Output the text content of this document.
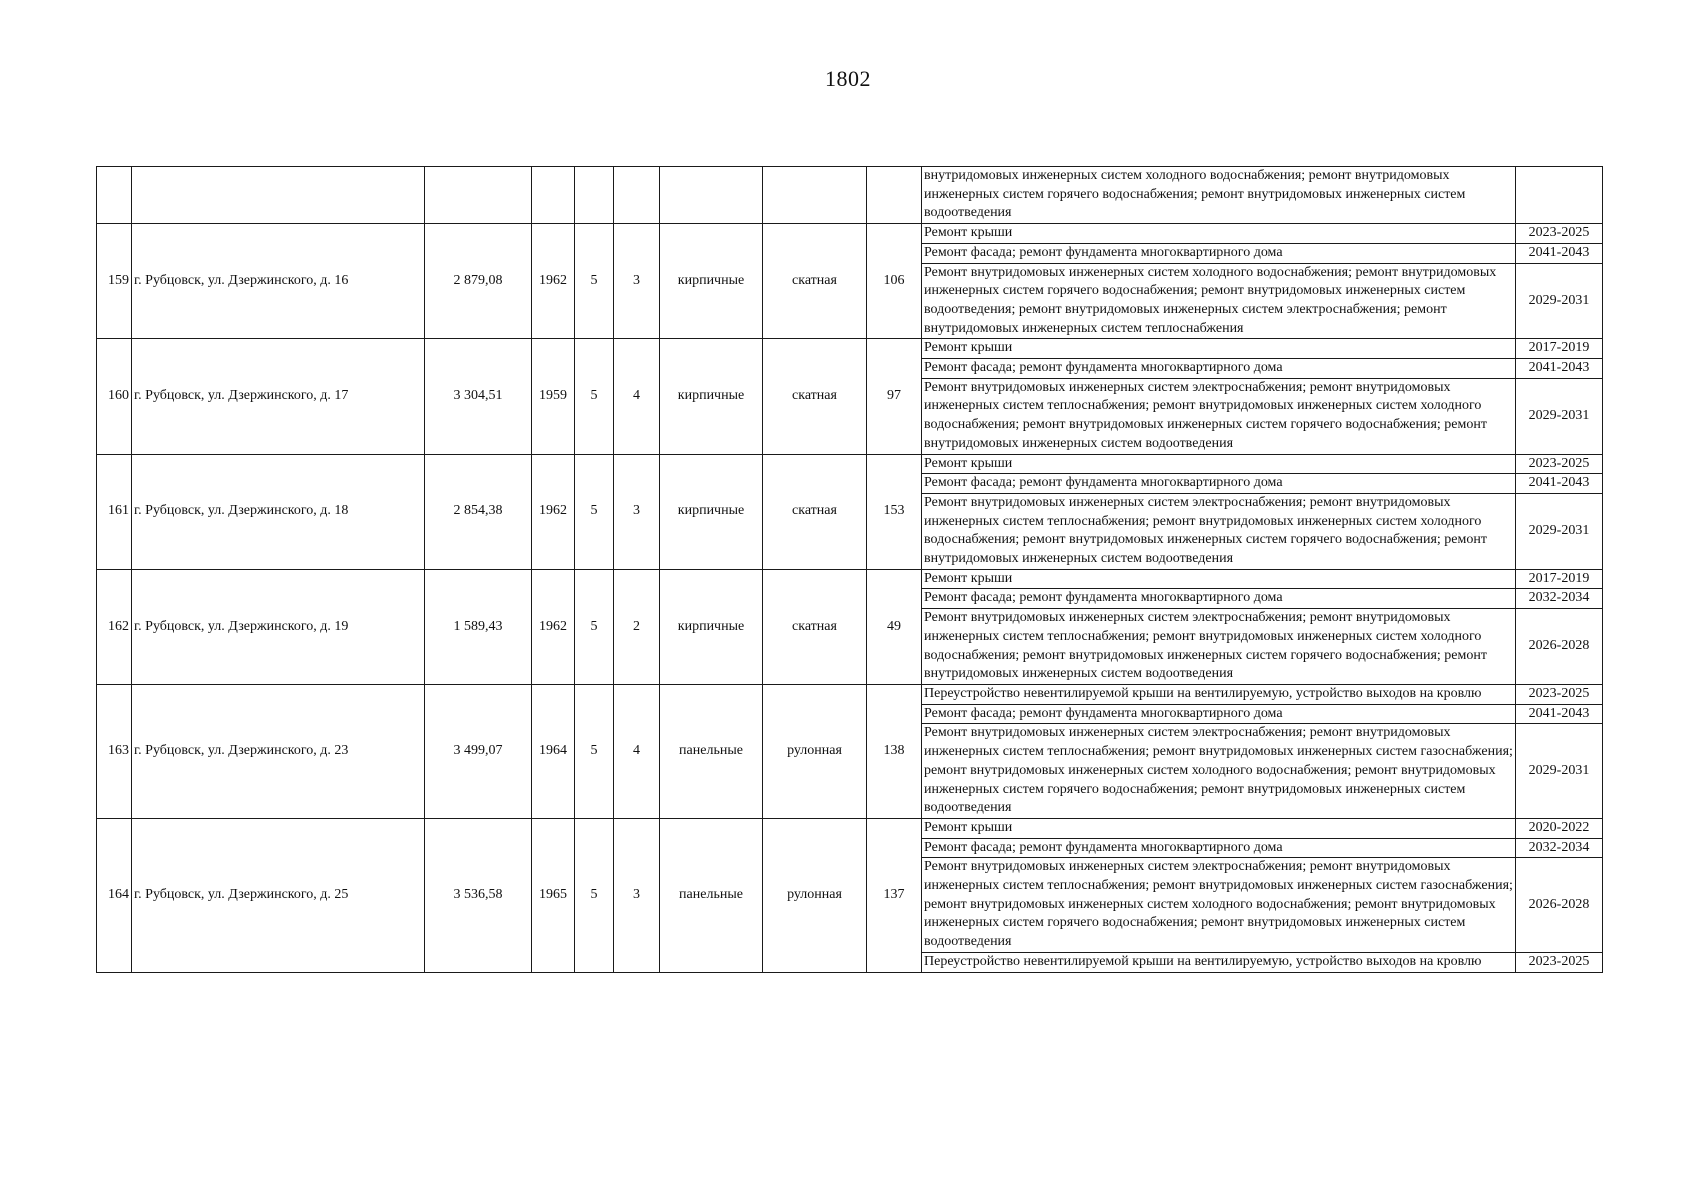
1802
									внутридомовых инженерных систем холодного водоснабжения; ремонт внутридомовых инженерных систем горячего водоснабжения; ремонт внутридомовых инженерных систем водоотведения	
159	г. Рубцовск, ул. Дзержинского, д. 16	2 879,08	1962	5	3	кирпичные	скатная	106	Ремонт крыши	2023-2025
									Ремонт фасада; ремонт фундамента многоквартирного дома	2041-2043
									Ремонт внутридомовых инженерных систем холодного водоснабжения; ремонт внутридомовых инженерных систем горячего водоснабжения; ремонт внутридомовых инженерных систем водоотведения; ремонт внутридомовых инженерных систем электроснабжения; ремонт внутридомовых инженерных систем теплоснабжения	2029-2031
160	г. Рубцовск, ул. Дзержинского, д. 17	3 304,51	1959	5	4	кирпичные	скатная	97	Ремонт крыши	2017-2019
									Ремонт фасада; ремонт фундамента многоквартирного дома	2041-2043
									Ремонт внутридомовых инженерных систем электроснабжения; ремонт внутридомовых инженерных систем теплоснабжения; ремонт внутридомовых инженерных систем холодного водоснабжения; ремонт внутридомовых инженерных систем горячего водоснабжения; ремонт внутридомовых инженерных систем водоотведения	2029-2031
161	г. Рубцовск, ул. Дзержинского, д. 18	2 854,38	1962	5	3	кирпичные	скатная	153	Ремонт крыши	2023-2025
									Ремонт фасада; ремонт фундамента многоквартирного дома	2041-2043
									Ремонт внутридомовых инженерных систем электроснабжения; ремонт внутридомовых инженерных систем теплоснабжения; ремонт внутридомовых инженерных систем холодного водоснабжения; ремонт внутридомовых инженерных систем горячего водоснабжения; ремонт внутридомовых инженерных систем водоотведения	2029-2031
162	г. Рубцовск, ул. Дзержинского, д. 19	1 589,43	1962	5	2	кирпичные	скатная	49	Ремонт крыши	2017-2019
									Ремонт фасада; ремонт фундамента многоквартирного дома	2032-2034
									Ремонт внутридомовых инженерных систем электроснабжения; ремонт внутридомовых инженерных систем теплоснабжения; ремонт внутридомовых инженерных систем холодного водоснабжения; ремонт внутридомовых инженерных систем горячего водоснабжения; ремонт внутридомовых инженерных систем водоотведения	2026-2028
163	г. Рубцовск, ул. Дзержинского, д. 23	3 499,07	1964	5	4	панельные	рулонная	138	Переустройство невентилируемой крыши на вентилируемую, устройство выходов на кровлю	2023-2025
									Ремонт фасада; ремонт фундамента многоквартирного дома	2041-2043
									Ремонт внутридомовых инженерных систем электроснабжения; ремонт внутридомовых инженерных систем теплоснабжения; ремонт внутридомовых инженерных систем газоснабжения; ремонт внутридомовых инженерных систем холодного водоснабжения; ремонт внутридомовых инженерных систем горячего водоснабжения; ремонт внутридомовых инженерных систем водоотведения	2029-2031
164	г. Рубцовск, ул. Дзержинского, д. 25	3 536,58	1965	5	3	панельные	рулонная	137	Ремонт крыши	2020-2022
									Ремонт фасада; ремонт фундамента многоквартирного дома	2032-2034
									Ремонт внутридомовых инженерных систем электроснабжения; ремонт внутридомовых инженерных систем теплоснабжения; ремонт внутридомовых инженерных систем газоснабжения; ремонт внутридомовых инженерных систем холодного водоснабжения; ремонт внутридомовых инженерных систем горячего водоснабжения; ремонт внутридомовых инженерных систем водоотведения	2026-2028
									Переустройство невентилируемой крыши на вентилируемую, устройство выходов на кровлю	2023-2025
